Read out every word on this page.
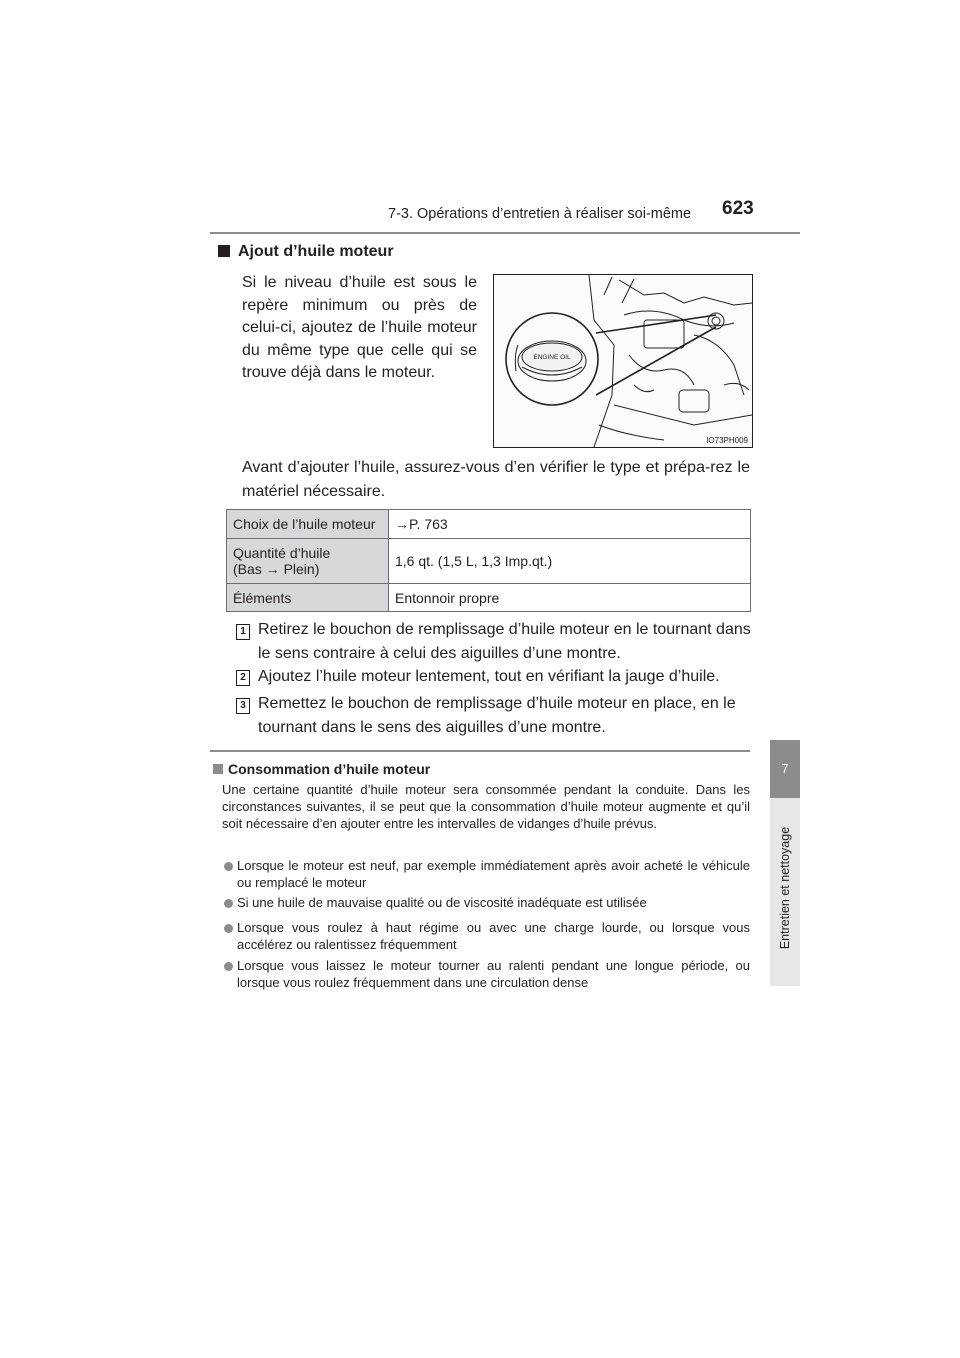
7-3. Opérations d’entretien à réaliser soi-même 623
7
Entretien et nettoyage
Ajout d’huile moteur
Si le niveau d’huile est sous le repère minimum ou près de celui-ci, ajoutez de l’huile moteur du même type que celle qui se trouve déjà dans le moteur.
ENGINE OIL
IO73PH009
Avant d’ajouter l’huile, assurez-vous d’en vérifier le type et prépa-rez le matériel nécessaire.
Choix de l’huile moteur	→P. 763
Quantité d’huile
(Bas → Plein)	1,6 qt. (1,5 L, 1,3 Imp.qt.)
Éléments	Entonnoir propre
1 Retirez le bouchon de remplissage d’huile moteur en le tournant dans le sens contraire à celui des aiguilles d’une montre.
2 Ajoutez l’huile moteur lentement, tout en vérifiant la jauge d’huile.
3 Remettez le bouchon de remplissage d’huile moteur en place, en le tournant dans le sens des aiguilles d’une montre.
Consommation d’huile moteur
Une certaine quantité d’huile moteur sera consommée pendant la conduite. Dans les circonstances suivantes, il se peut que la consommation d’huile moteur augmente et qu’il soit nécessaire d’en ajouter entre les intervalles de vidanges d’huile prévus.
Lorsque le moteur est neuf, par exemple immédiatement après avoir acheté le véhicule ou remplacé le moteur
Si une huile de mauvaise qualité ou de viscosité inadéquate est utilisée
Lorsque vous roulez à haut régime ou avec une charge lourde, ou lorsque vous accélérez ou ralentissez fréquemment
Lorsque vous laissez le moteur tourner au ralenti pendant une longue période, ou lorsque vous roulez fréquemment dans une circulation dense
